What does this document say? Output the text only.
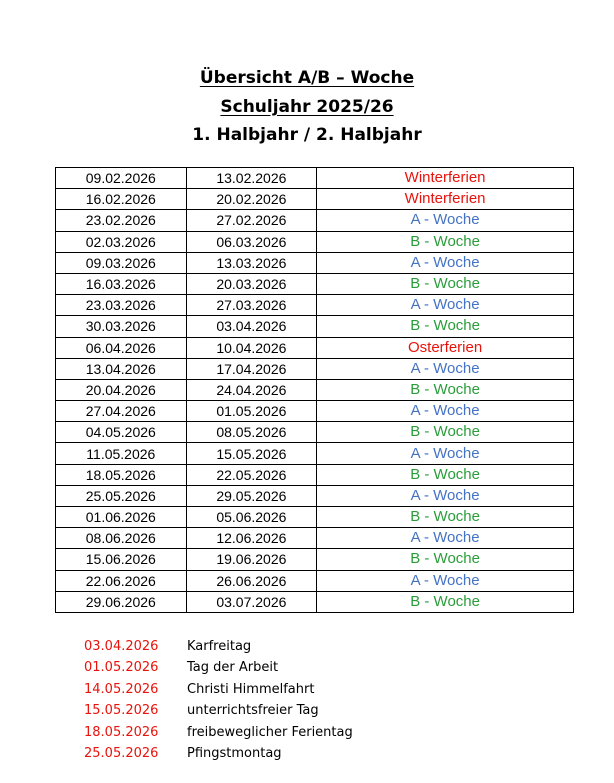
Übersicht A/B – Woche

Schuljahr 2025/26

1. Halbjahr / 2. Halbjahr

09.02.2026	13.02.2026	Winterferien
16.02.2026	20.02.2026	Winterferien
23.02.2026	27.02.2026	A - Woche
02.03.2026	06.03.2026	B - Woche
09.03.2026	13.03.2026	A - Woche
16.03.2026	20.03.2026	B - Woche
23.03.2026	27.03.2026	A - Woche
30.03.2026	03.04.2026	B - Woche
06.04.2026	10.04.2026	Osterferien
13.04.2026	17.04.2026	A - Woche
20.04.2026	24.04.2026	B - Woche
27.04.2026	01.05.2026	A - Woche
04.05.2026	08.05.2026	B - Woche
11.05.2026	15.05.2026	A - Woche
18.05.2026	22.05.2026	B - Woche
25.05.2026	29.05.2026	A - Woche
01.06.2026	05.06.2026	B - Woche
08.06.2026	12.06.2026	A - Woche
15.06.2026	19.06.2026	B - Woche
22.06.2026	26.06.2026	A - Woche
29.06.2026	03.07.2026	B - Woche
03.04.2026 Karfreitag
01.05.2026 Tag der Arbeit
14.05.2026 Christi Himmelfahrt
15.05.2026 unterrichtsfreier Tag
18.05.2026 freibeweglicher Ferientag
25.05.2026 Pfingstmontag
